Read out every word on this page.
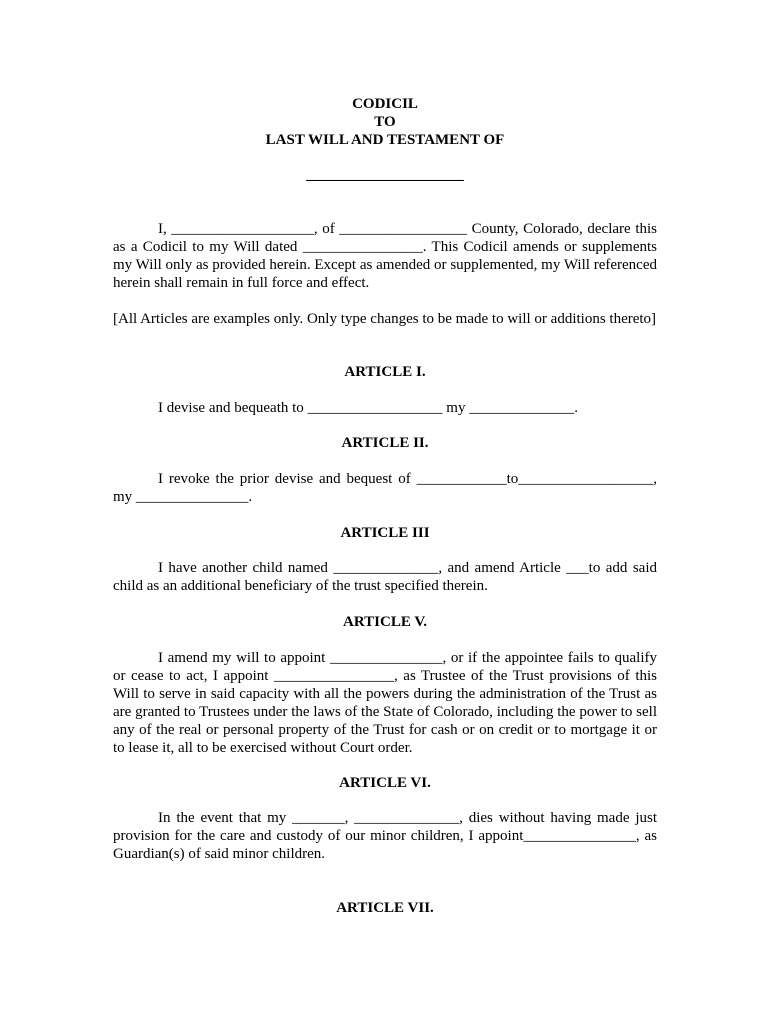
CODICIL
TO
LAST WILL AND TESTAMENT OF
_____________________
I, ___________________, of _________________ County, Colorado, declare this as a Codicil to my Will dated ________________. This Codicil amends or supplements my Will only as provided herein. Except as amended or supplemented, my Will referenced herein shall remain in full force and effect.
[All Articles are examples only. Only type changes to be made to will or additions thereto]
ARTICLE I.
I devise and bequeath to __________________ my ______________.
ARTICLE II.
I revoke the prior devise and bequest of ____________to__________________, my _______________.
ARTICLE III
I have another child named ______________, and amend Article ___to add said child as an additional beneficiary of the trust specified therein.
ARTICLE V.
I amend my will to appoint _______________, or if the appointee fails to qualify or cease to act, I appoint ________________, as Trustee of the Trust provisions of this Will to serve in said capacity with all the powers during the administration of the Trust as are granted to Trustees under the laws of the State of Colorado, including the power to sell any of the real or personal property of the Trust for cash or on credit or to mortgage it or to lease it, all to be exercised without Court order.
ARTICLE VI.
In the event that my _______, ______________, dies without having made just provision for the care and custody of our minor children, I appoint_______________, as Guardian(s) of said minor children.
ARTICLE VII.
